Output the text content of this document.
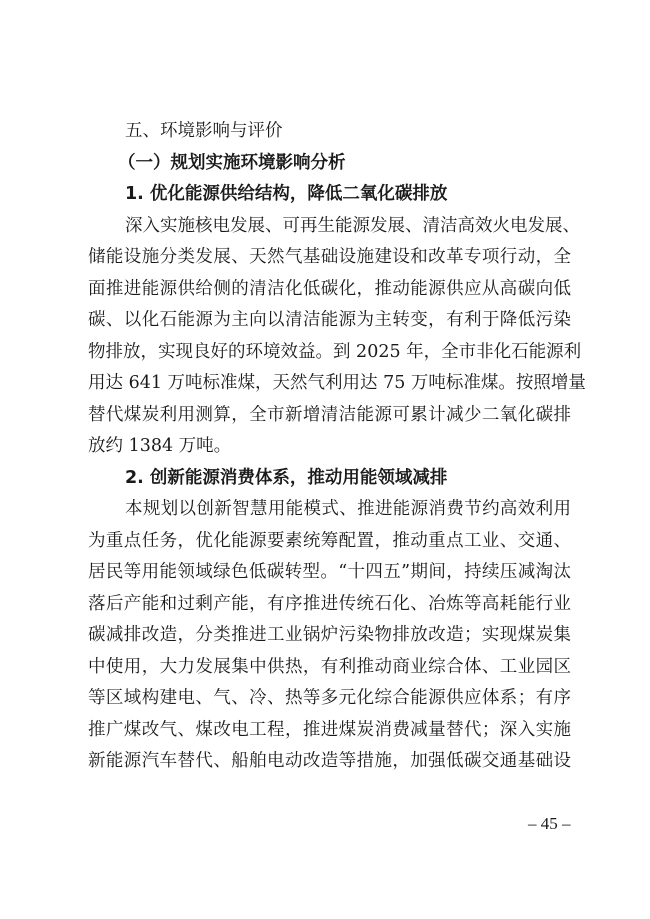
五、环境影响与评价
（一）规划实施环境影响分析
1. 优化能源供给结构，降低二氧化碳排放
深入实施核电发展、可再生能源发展、清洁高效火电发展、
储能设施分类发展、天然气基础设施建设和改革专项行动，全
面推进能源供给侧的清洁化低碳化，推动能源供应从高碳向低
碳、以化石能源为主向以清洁能源为主转变，有利于降低污染
物排放，实现良好的环境效益。到 2025 年，全市非化石能源利
用达 641 万吨标准煤，天然气利用达 75 万吨标准煤。按照增量
替代煤炭利用测算，全市新增清洁能源可累计减少二氧化碳排
放约 1384 万吨。
2. 创新能源消费体系，推动用能领域减排
本规划以创新智慧用能模式、推进能源消费节约高效利用
为重点任务，优化能源要素统筹配置，推动重点工业、交通、
居民等用能领域绿色低碳转型。“十四五”期间，持续压减淘汰
落后产能和过剩产能，有序推进传统石化、冶炼等高耗能行业
碳减排改造，分类推进工业锅炉污染物排放改造；实现煤炭集
中使用，大力发展集中供热，有利推动商业综合体、工业园区
等区域构建电、气、冷、热等多元化综合能源供应体系；有序
推广煤改气、煤改电工程，推进煤炭消费减量替代；深入实施
新能源汽车替代、船舶电动改造等措施，加强低碳交通基础设
– 45 –
